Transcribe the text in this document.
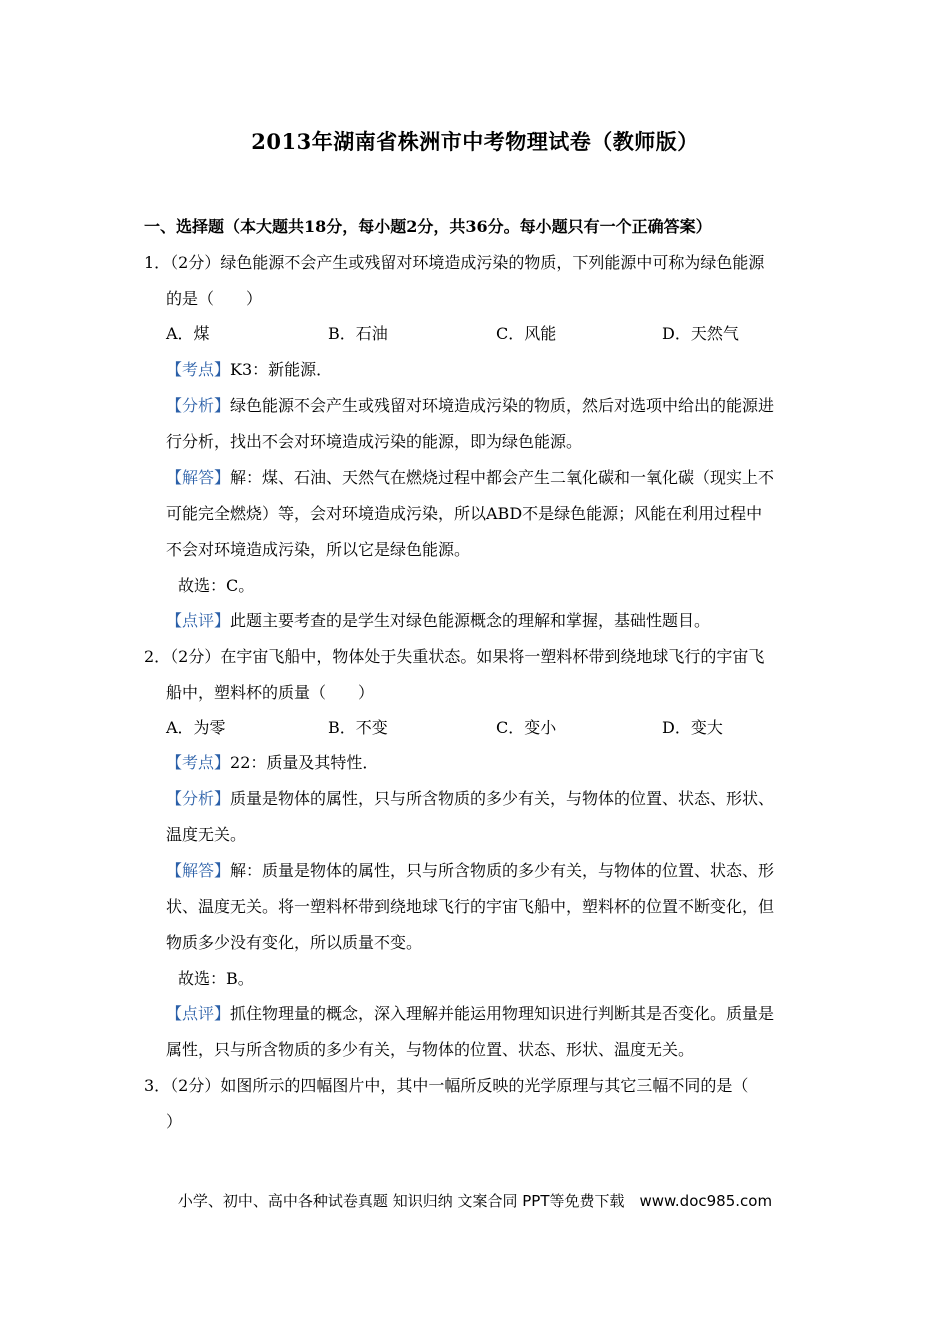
2013年湖南省株洲市中考物理试卷（教师版）
一、选择题（本大题共18分，每小题2分，共36分。每小题只有一个正确答案）
1．（2分）绿色能源不会产生或残留对环境造成污染的物质，下列能源中可称为绿色能源
的是（　　）
A．煤	B．石油	C．风能	D．天然气
【考点】K3：新能源．
【分析】绿色能源不会产生或残留对环境造成污染的物质，然后对选项中给出的能源进
行分析，找出不会对环境造成污染的能源，即为绿色能源。
【解答】解：煤、石油、天然气在燃烧过程中都会产生二氧化碳和一氧化碳（现实上不
可能完全燃烧）等，会对环境造成污染，所以ABD不是绿色能源；风能在利用过程中
不会对环境造成污染，所以它是绿色能源。
故选：C。
【点评】此题主要考查的是学生对绿色能源概念的理解和掌握，基础性题目。
2．（2分）在宇宙飞船中，物体处于失重状态。如果将一塑料杯带到绕地球飞行的宇宙飞
船中，塑料杯的质量（　　）
A．为零	B．不变	C．变小	D．变大
【考点】22：质量及其特性．
【分析】质量是物体的属性，只与所含物质的多少有关，与物体的位置、状态、形状、
温度无关。
【解答】解：质量是物体的属性，只与所含物质的多少有关，与物体的位置、状态、形
状、温度无关。将一塑料杯带到绕地球飞行的宇宙飞船中，塑料杯的位置不断变化，但
物质多少没有变化，所以质量不变。
故选：B。
【点评】抓住物理量的概念，深入理解并能运用物理知识进行判断其是否变化。质量是
属性，只与所含物质的多少有关，与物体的位置、状态、形状、温度无关。
3．（2分）如图所示的四幅图片中，其中一幅所反映的光学原理与其它三幅不同的是（
）
小学、初中、高中各种试卷真题 知识归纳 文案合同 PPT等免费下载　www.doc985.com
